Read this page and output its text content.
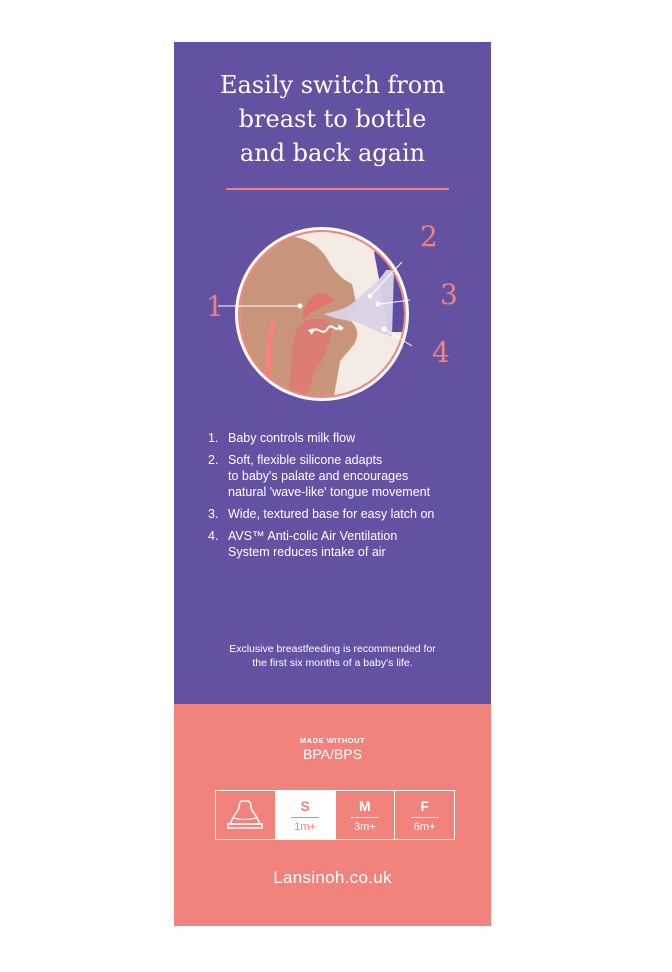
Easily switch from
breast to bottle
and back again
1
2
3
4
1. Baby controls milk flow
2. Soft, flexible silicone adapts
to baby's palate and encourages
natural 'wave-like' tongue movement
3. Wide, textured base for easy latch on
4. AVS™ Anti-colic Air Ventilation
System reduces intake of air
Exclusive breastfeeding is recommended for
the first six months of a baby's life.
MADE WITHOUT
BPA/BPS
S
1m+
M
3m+
F
6m+
Lansinoh.co.uk
